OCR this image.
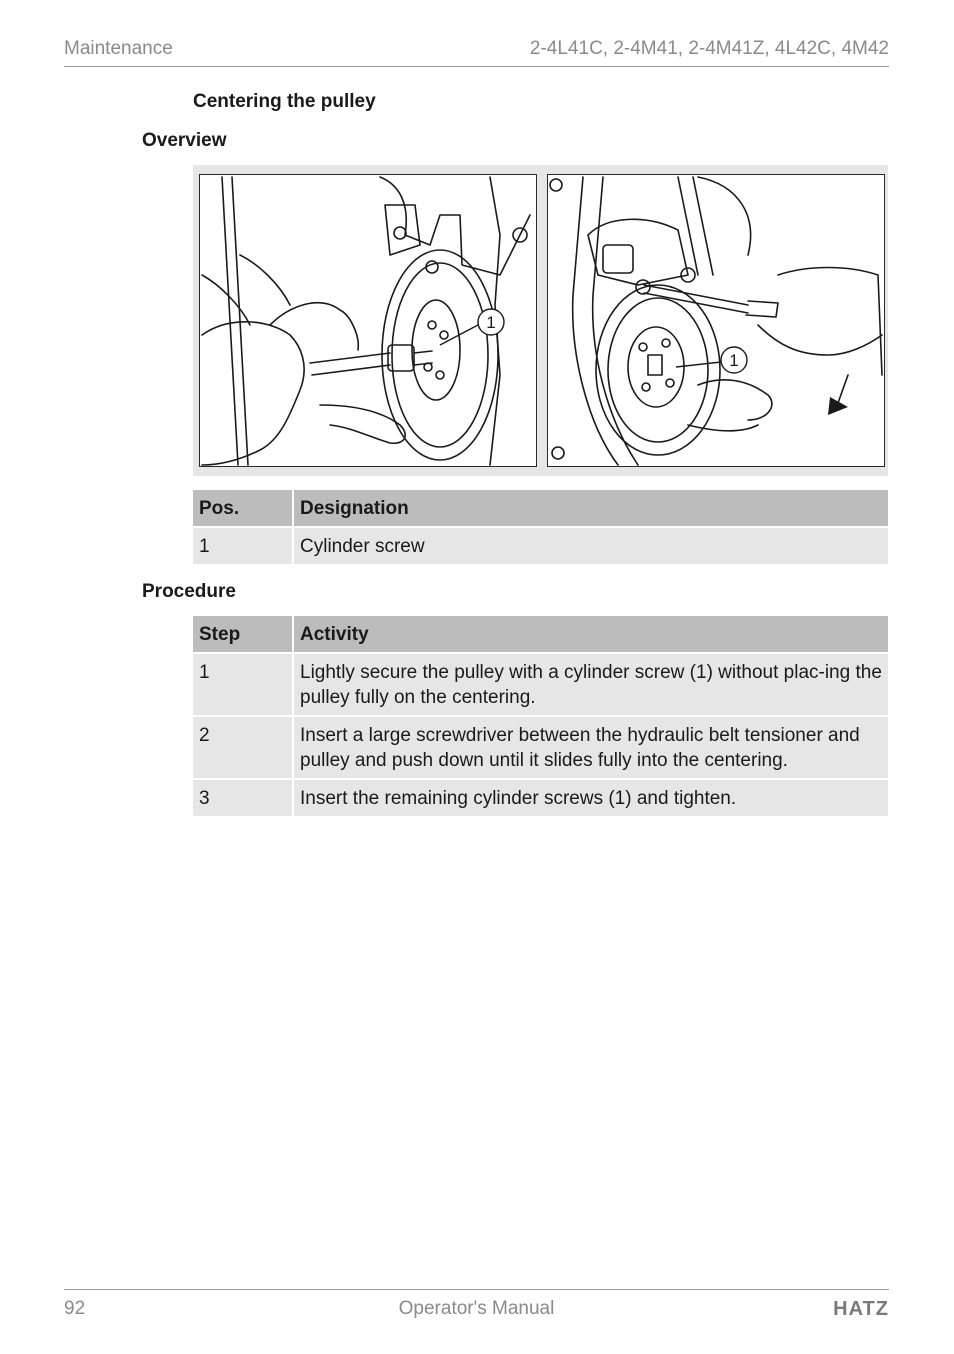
Maintenance	2-4L41C, 2-4M41, 2-4M41Z, 4L42C, 4M42
Centering the pulley
Overview
1
1
Pos.	Designation
1	Cylinder screw
Procedure
Step	Activity
1	Lightly secure the pulley with a cylinder screw (1) without plac-ing the pulley fully on the centering.
2	Insert a large screwdriver between the hydraulic belt tensioner and pulley and push down until it slides fully into the centering.
3	Insert the remaining cylinder screws (1) and tighten.
92	Operator's Manual	HATZ
